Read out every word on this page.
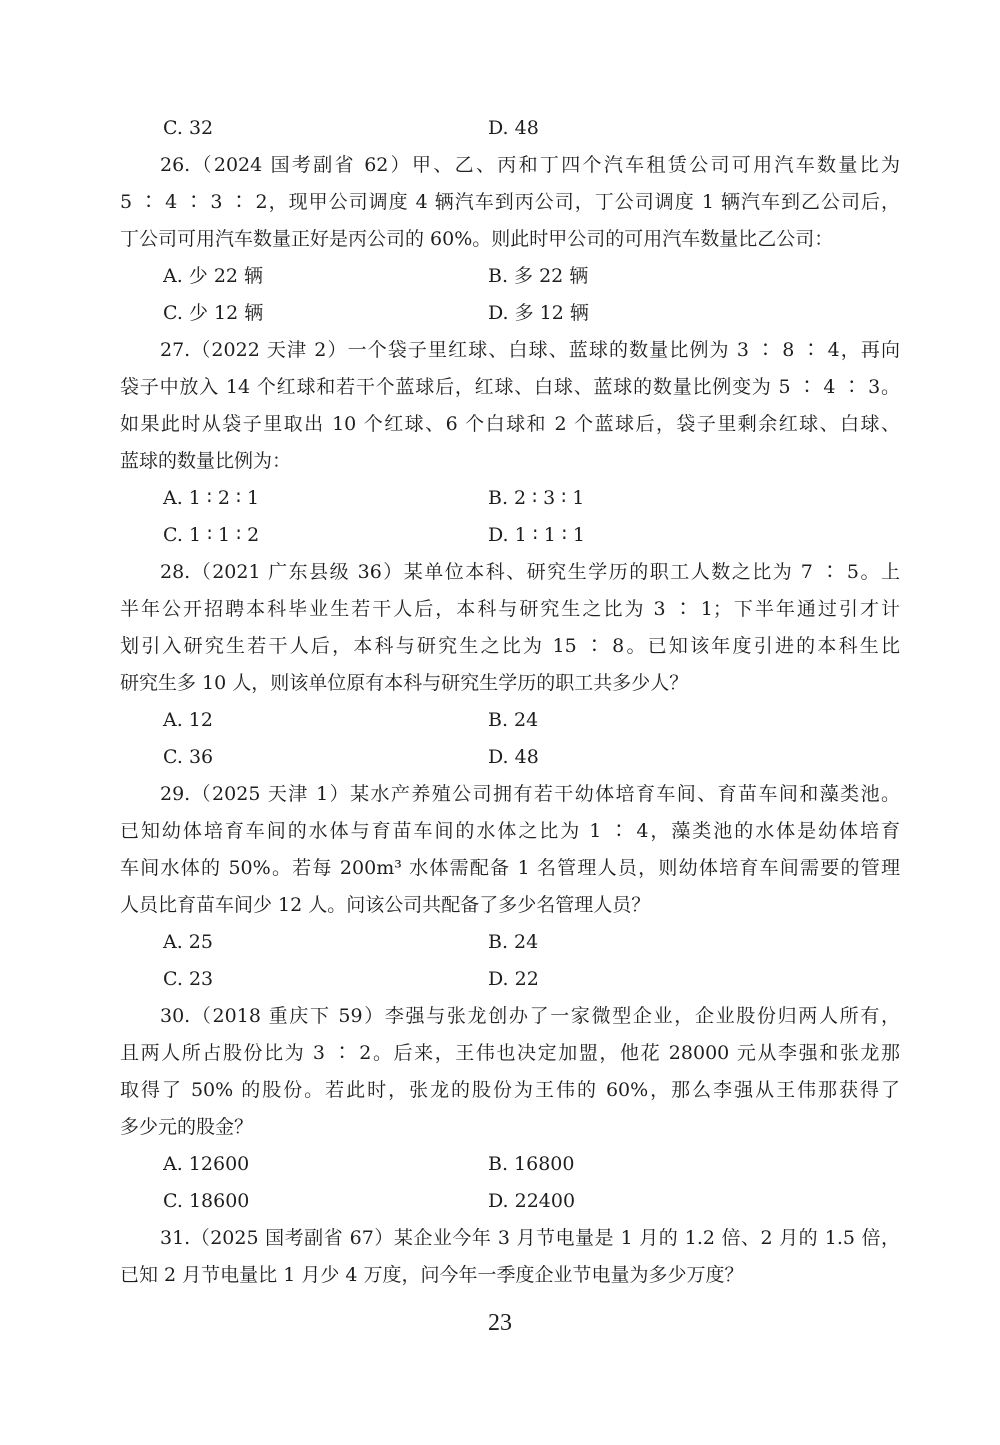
C. 32	D. 48
26.（2024 国考副省 62）甲、乙、丙和丁四个汽车租赁公司可用汽车数量比为
5 ∶ 4 ∶ 3 ∶ 2，现甲公司调度 4 辆汽车到丙公司，丁公司调度 1 辆汽车到乙公司后，
丁公司可用汽车数量正好是丙公司的 60%。则此时甲公司的可用汽车数量比乙公司：
A. 少 22 辆	B. 多 22 辆
C. 少 12 辆	D. 多 12 辆
27.（2022 天津 2）一个袋子里红球、白球、蓝球的数量比例为 3 ∶ 8 ∶ 4，再向
袋子中放入 14 个红球和若干个蓝球后，红球、白球、蓝球的数量比例变为 5 ∶ 4 ∶ 3。
如果此时从袋子里取出 10 个红球、6 个白球和 2 个蓝球后，袋子里剩余红球、白球、
蓝球的数量比例为：
A. 1 ∶ 2 ∶ 1	B. 2 ∶ 3 ∶ 1
C. 1 ∶ 1 ∶ 2	D. 1 ∶ 1 ∶ 1
28.（2021 广东县级 36）某单位本科、研究生学历的职工人数之比为 7 ∶ 5。上
半年公开招聘本科毕业生若干人后，本科与研究生之比为 3 ∶ 1；下半年通过引才计
划引入研究生若干人后，本科与研究生之比为 15 ∶ 8。已知该年度引进的本科生比
研究生多 10 人，则该单位原有本科与研究生学历的职工共多少人？
A. 12	B. 24
C. 36	D. 48
29.（2025 天津 1）某水产养殖公司拥有若干幼体培育车间、育苗车间和藻类池。
已知幼体培育车间的水体与育苗车间的水体之比为 1 ∶ 4，藻类池的水体是幼体培育
车间水体的 50%。若每 200m³ 水体需配备 1 名管理人员，则幼体培育车间需要的管理
人员比育苗车间少 12 人。问该公司共配备了多少名管理人员？
A. 25	B. 24
C. 23	D. 22
30.（2018 重庆下 59）李强与张龙创办了一家微型企业，企业股份归两人所有，
且两人所占股份比为 3 ∶ 2。后来，王伟也决定加盟，他花 28000 元从李强和张龙那
取得了 50% 的股份。若此时，张龙的股份为王伟的 60%，那么李强从王伟那获得了
多少元的股金？
A. 12600	B. 16800
C. 18600	D. 22400
31.（2025 国考副省 67）某企业今年 3 月节电量是 1 月的 1.2 倍、2 月的 1.5 倍，
已知 2 月节电量比 1 月少 4 万度，问今年一季度企业节电量为多少万度？
23
